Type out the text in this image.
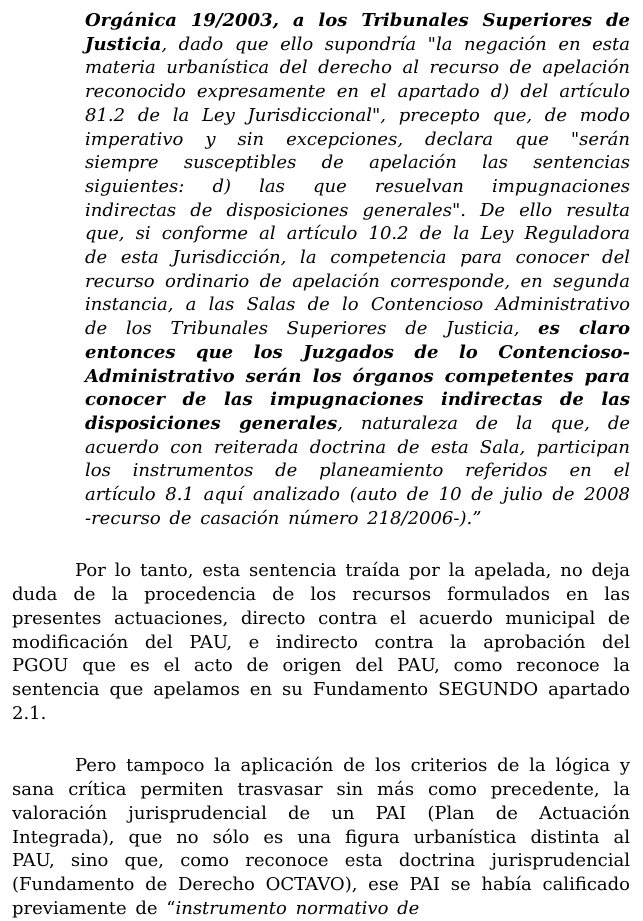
Orgánica 19/2003, a los Tribunales Superiores de Justicia, dado que ello supondría "la negación en esta materia urbanística del derecho al recurso de apelación reconocido expresamente en el apartado d) del artículo 81.2 de la Ley Jurisdiccional", precepto que, de modo imperativo y sin excepciones, declara que "serán siempre susceptibles de apelación las sentencias siguientes: d) las que resuelvan impugnaciones indirectas de disposiciones generales". De ello resulta que, si conforme al artículo 10.2 de la Ley Reguladora de esta Jurisdicción, la competencia para conocer del recurso ordinario de apelación corresponde, en segunda instancia, a las Salas de lo Contencioso Administrativo de los Tribunales Superiores de Justicia, es claro entonces que los Juzgados de lo Contencioso-Administrativo serán los órganos competentes para conocer de las impugnaciones indirectas de las disposiciones generales, naturaleza de la que, de acuerdo con reiterada doctrina de esta Sala, participan los instrumentos de planeamiento referidos en el artículo 8.1 aquí analizado (auto de 10 de julio de 2008 -recurso de casación número 218/2006-).”

Por lo tanto, esta sentencia traída por la apelada, no deja duda de la procedencia de los recursos formulados en las presentes actuaciones, directo contra el acuerdo municipal de modificación del PAU, e indirecto contra la aprobación del PGOU que es el acto de origen del PAU, como reconoce la sentencia que apelamos en su Fundamento SEGUNDO apartado 2.1.

Pero tampoco la aplicación de los criterios de la lógica y sana crítica permiten trasvasar sin más como precedente, la valoración jurisprudencial de un PAI (Plan de Actuación Integrada), que no sólo es una figura urbanística distinta al PAU, sino que, como reconoce esta doctrina jurisprudencial (Fundamento de Derecho OCTAVO), ese PAI se había calificado previamente de “instrumento normativo de
